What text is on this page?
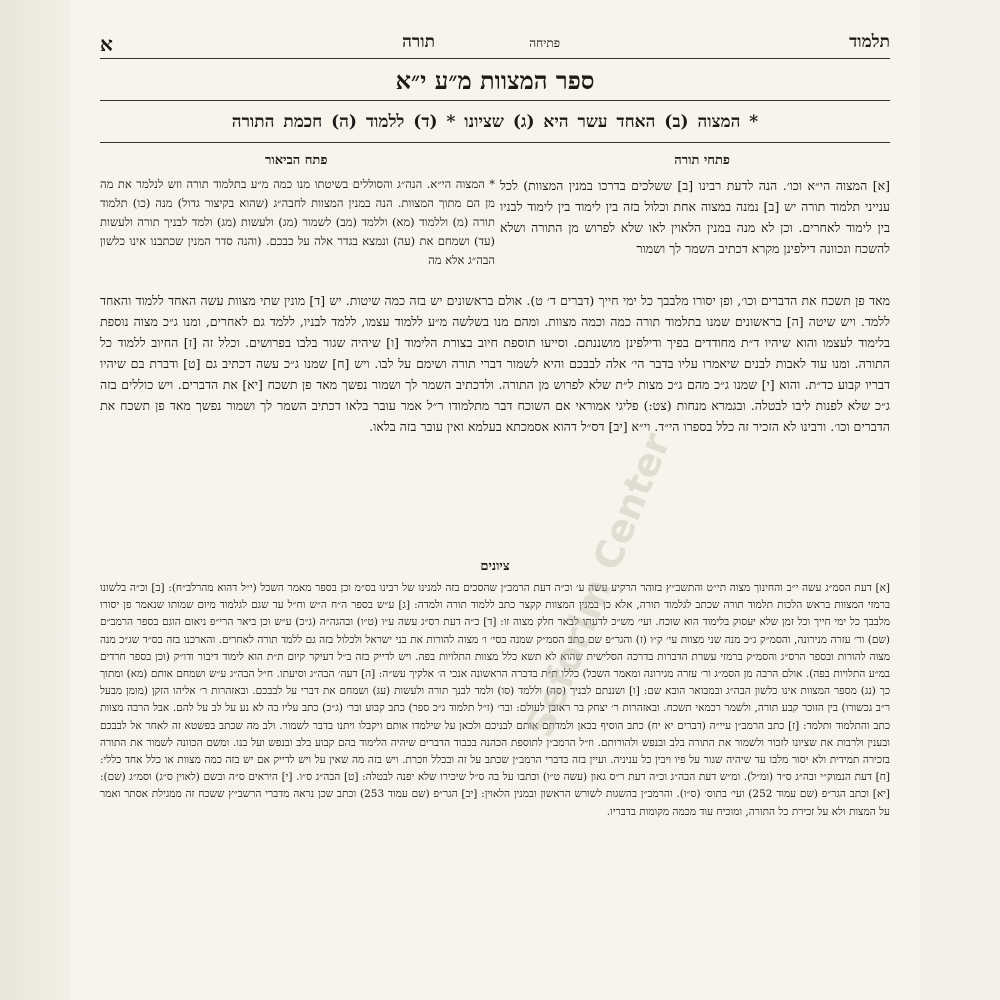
תלמוד
פתיחה
תורה
א
ספר המצוות מ״ע י״א
* המצוה (ב) האחד עשר היא (ג) שציונו * (ד) ללמוד (ה) חכמת התורה
פתחי תורה
פתח הביאור

[א] המצוה הי״א וכו׳. הנה לדעת רבינו [ב] ששלכים בדרכו במנין המצוות) לכל ענייני תלמוד תורה יש [ב] נמנה במצוה אחת וכלול בזה בין לימוד בין לימוד לבניו בין לימוד לאחרים. וכן לא מנה במנין הלאוין לאו שלא לפרוש מן התורה ושלא להשכח ונכוונה דילפינן מקרא דכתיב השמר לך ושמור

* המצוה הי״א. הנה״ג והסוללים בשיטתו מנו כמה מ״ע בתלמוד תורה וזש לנלמר את מה מן הם מתוך המצוות. הנה במנין המצוות לחבה״ג (שהוא בקיצור גדול) מנה (כו) תלמוד תורה (מ) וללמוד (מא) וללמד (מב) לשמור (מג) ולעשות (מג) ולמד לבניך תורה ולעשות (עד) ושמחם את (עה) ונמצא בגדר אלה על כבכם. (והנה סדר המנין שכתבנו אינו כלשון הבה״ג אלא מה

מאד פן תשכח את הדברים וכו׳, ופן יסורו מלבבך כל ימי חייך (דברים ד׳ ט). אולם בראשונים יש בזה כמה שיטות. יש [ד] מונין שתי מצוות עשה האחד ללמוד והאחד ללמד. ויש שיטה [ה] בראשונים שמנו בתלמוד תורה כמה וכמה מצוות. ומהם מנו בשלשה מ״ע ללמוד עצמו, ללמד לבניו, ללמד גם לאחרים, ומנו ג״כ מצוה נוספת בלימוד לעצמו והוא שיהיו ד״ת מחודדים בפיך ודילפינן מושננתם. וסייעו תוספת חיוב בצורת הלימוד [ו] שיהיה שגור בלבו בפרושים. וכלל זה [ז] החיוב ללמוד כל התורה. ומנו עוד לאבות לבנים שיאמרו עליו בדבר הי׳ אלה לבבכם והיא לשמור דברי תורה ושימם על לבו. ויש [ח] שמנו ג״כ עשה דכתיב גם [ט] ודברת בם שיהיו דבריו קבוע כד״ת. והוא [י] שמנו ג״כ מהם ג״כ מצות ל״ת שלא לפרוש מן התורה. ולדכתיב השמר לך ושמור נפשך מאד פן תשכח [יא] את הדברים. ויש כוללים בזה ג״כ שלא לפנות ליבו לבטלה. ובגמרא מנחות (צט:) פליגי אמוראי אם השוכח דבר מתלמודו ר״ל אמר עובר בלאו דכתיב השמר לך ושמור נפשך מאד פן תשכח את הדברים וכו׳. ורבינו לא הזכיר זה כלל בספרו הי״ד. וי״א [יב] דס״ל דהוא אסמכתא בעלמא ואין עובר בזה בלאו.

ציונים

[א] דעת הסמ״ג עשה י״ב והחינוך מצוה תי״ט והתשב״ץ בזוהר הרקיע עשה ע׳ וכ״ה דעת הרמב״ן שהסכים בזה למנינו של רבינו בס״מ וכן בספר מאמר השכל (י״ל דהוא מהרלב״ח): [ב] וכ״ה בלשונו ברמזי המצוות בראש הלכות תלמוד תורה שכתב לגלמוד תורה, אלא כן במנין המצוות קקצר כתב ללמוד תורה ולמדה: [ג] ע״ש בספר ה״ח ה״ש וח״ל עד שגם לגלמוד מיום שמותו שנאמר פן יסורו מלבבך כל ימי חייך וכל זמן שלא יעסוק בלימוד הוא שוכח. ועי׳ מש״כ לדעתו לבאר חלק מצוה זו: [ד] כ״ה דעת רס״ג עשה ע״ו (ט״ו) ובהגה״ה (ג״כ) ע״ש וכן ביאר הרי״פ ניאום הוגם בספר הרמב״ם (שם) ור׳ עזרה מנירונה, והסמ״ק ג״כ מנה שני מצוות עי׳ ק״ו (ז) והגר״פ שם כתב הסמ״ק שמנה בסי׳ ו׳ מצוה להורות את בני ישראל ולכלול בזה גם ללמד תורה לאחרים. והארכנו בזה בס״ד שג״כ מנה מצוה להורות ובספר הרס״ג והסמ״ק ברמזי עשרת הדברות בדרכה הסלישית שהוא לא תשא כלל מצוות התלויות בפה. ויש לדייק בזה ב״ל דעיקר קיום ת״ת הוא לימוד דיבור ודו״ק (וכן בספר חרדים במ״ע התלויות בפה). אולם הרבה מן הסמ״ג ור׳ עזרה מגירונה ומאמר השכל) כללו ת״ת בדברה הראשונה אנכי ה׳ אלקיך עש״ה: [ה] דעה׳ הבה״ג וסיעתו. ח״ל הבה״ג ע״ש ושמחם אותם (מא) ומתוך כך (נג) מספר המצוות אינו כלשון הבה״ג ובמבואר הובא שם: [ו] ושננתם לבניך (סה) וללמד (סו) ולמד לבנך תורה ולעשות (עג) ושמחם את דברי על לבבכם. ובאזהרות ר׳ אליהו הזקן (מומן מבעל ר״ב גכשורו) בין הזוכר קבע תורה, ולשמר רכמאי תשכח. ובאזהרות ר׳ יצחק בר ראובן לעולם: ובר׳ (ז״ל תלמוד ג״כ ספר) כתב קבוע ובר׳ (ג״כ) כתב עליו בה לא נע על לב על להם. אבל הרבה מצוות כתב והתלמוד ותלמד: [ז] כתב הרמב״ן עיי״ה (דברים יא יח) כתב הוסיף בכאן ולמדתם אותם לבניכם ולכאן על שילמדו אותם ויקבלו ויתנו בדבר לשמור. ולב מה שכתב בפשטא זה לאחר אל לבבכם ובענין ולרבות את שציונו לזכור ולשמור את התורה בלב ובנפש ולהורותם. וז״ל הרמב״ן לתוספת הכהנה בכבוד הדברים שיהיה הלימוד בהם קבוע בלב ובנפש ועל בנו. ומשם הכוונה לשמור את התורה בזכירה תמידית ולא יסור מלבו עד שיהיה שגור על פיו ויבין כל עניניה. ועיין בזה בדברי הרמב״ן שכתב על זה ובכלל וזכרת. ויש בזה מה שאין על ויש לדייק אם יש בזה כמה מצוות או כלל אחד כללי: [ח] דעת הנמוק״י ובה״ג ס״ד (ומ״ל). ומ״ש דעת הבה״ג וכ״ה דעת ר״ס גאון (עשה ט״ו) וכתבו על בה ס״ל שיכירו שלא יפנה לבטלה: [ט] הבה״ג ס״ו. [י] היראים ס״ה ובשם (לאוין ס״ג) וסמ״ג (שם): [יא] וכתב הגר״פ (שם עמוד 252) ועי׳ בתוס׳ (ס״ו). והרמב״ן בהשגות לשורש הראשון ובמנין הלאוין: [יב] הגר״פ (שם עמוד 253) וכתב שכן נראה מדברי הרשב״ץ ששכח זה ממגילת אסתר ואמר על המצות ולא על זכירת כל התורה, ומוכיח עוד מכמה מקומות בדבריו.

Seforim Center
